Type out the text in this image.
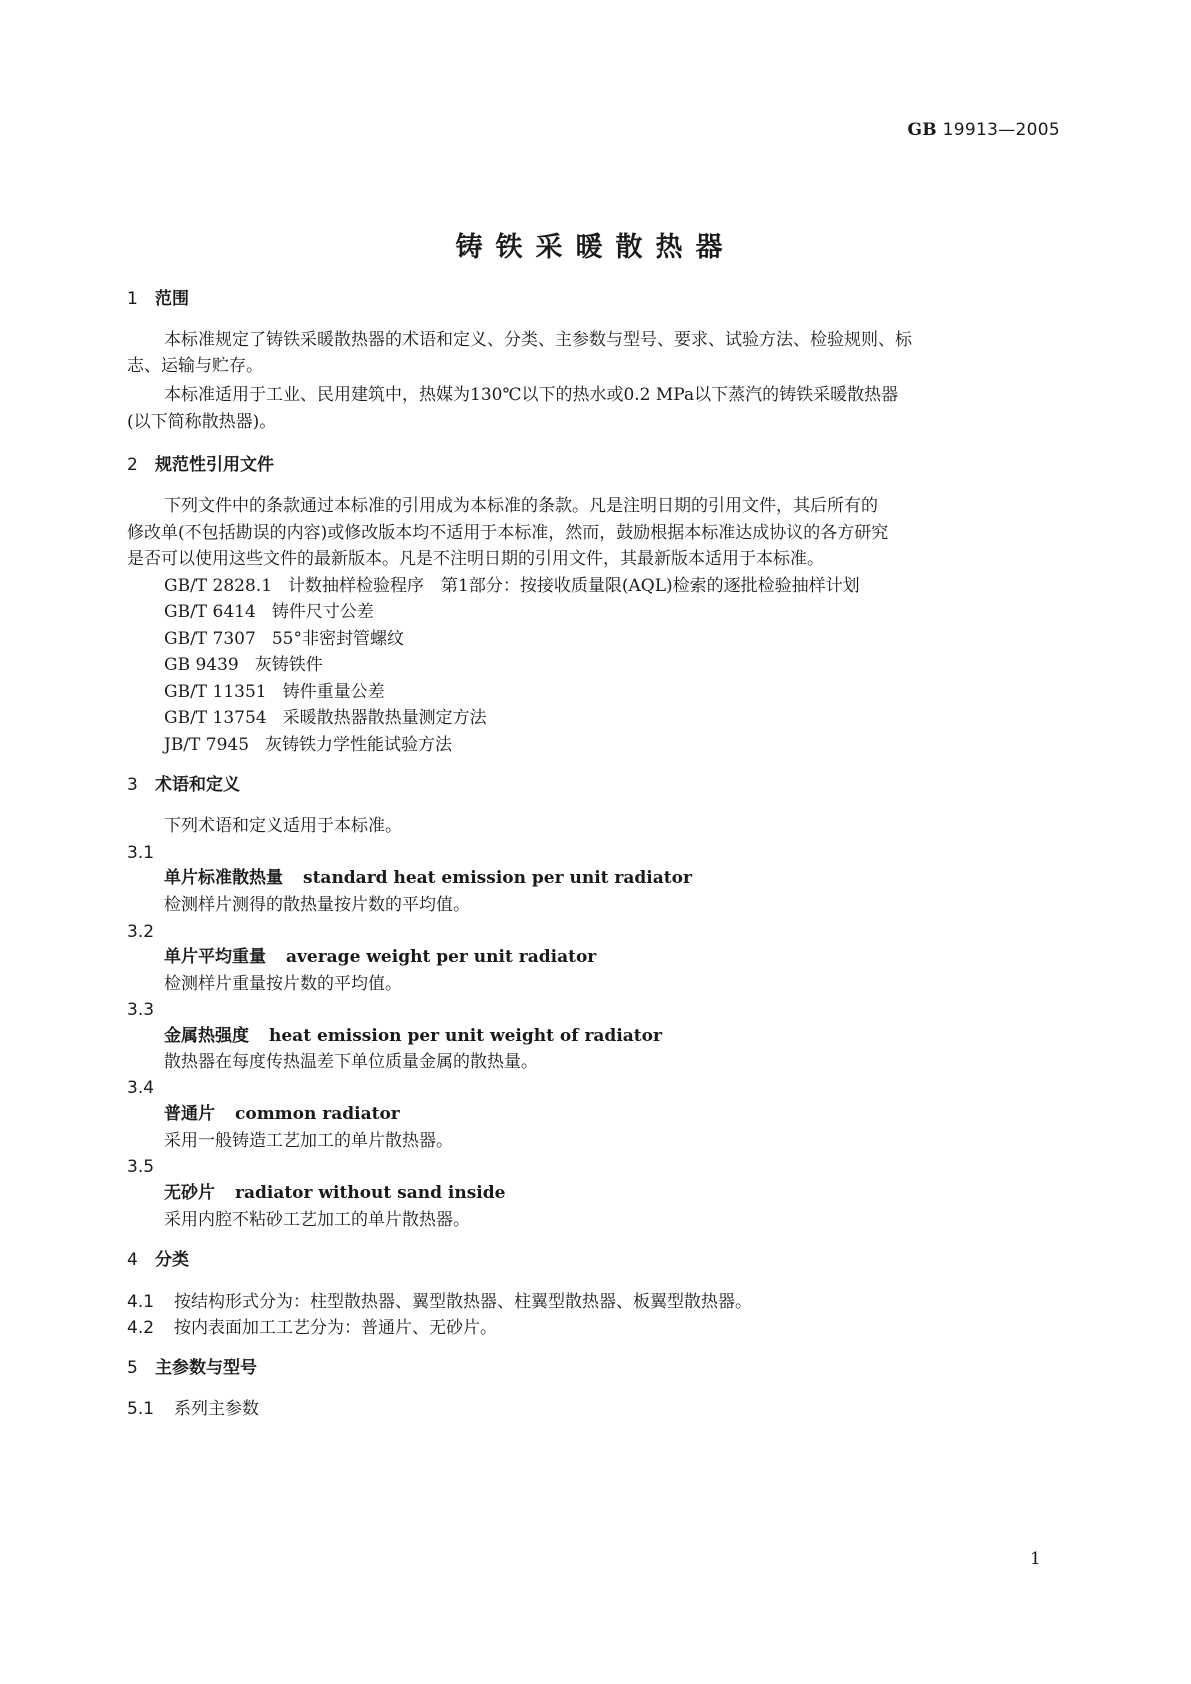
GB 19913—2005
铸铁采暖散热器
1 范围
本标准规定了铸铁采暖散热器的术语和定义、分类、主参数与型号、要求、试验方法、检验规则、标
志、运输与贮存。
本标准适用于工业、民用建筑中，热媒为130℃以下的热水或0.2 MPa以下蒸汽的铸铁采暖散热器
(以下简称散热器)。
2 规范性引用文件
下列文件中的条款通过本标准的引用成为本标准的条款。凡是注明日期的引用文件，其后所有的
修改单(不包括勘误的内容)或修改版本均不适用于本标准，然而，鼓励根据本标准达成协议的各方研究
是否可以使用这些文件的最新版本。凡是不注明日期的引用文件，其最新版本适用于本标准。
GB/T 2828.1 计数抽样检验程序　第1部分：按接收质量限(AQL)检索的逐批检验抽样计划
GB/T 6414 铸件尺寸公差
GB/T 7307 55°非密封管螺纹
GB 9439 灰铸铁件
GB/T 11351 铸件重量公差
GB/T 13754 采暖散热器散热量测定方法
JB/T 7945 灰铸铁力学性能试验方法
3 术语和定义
下列术语和定义适用于本标准。
3.1
单片标准散热量 standard heat emission per unit radiator
检测样片测得的散热量按片数的平均值。
3.2
单片平均重量 average weight per unit radiator
检测样片重量按片数的平均值。
3.3
金属热强度 heat emission per unit weight of radiator
散热器在每度传热温差下单位质量金属的散热量。
3.4
普通片 common radiator
采用一般铸造工艺加工的单片散热器。
3.5
无砂片 radiator without sand inside
采用内腔不粘砂工艺加工的单片散热器。
4 分类
4.1 按结构形式分为：柱型散热器、翼型散热器、柱翼型散热器、板翼型散热器。
4.2 按内表面加工工艺分为：普通片、无砂片。
5 主参数与型号
5.1 系列主参数
1
